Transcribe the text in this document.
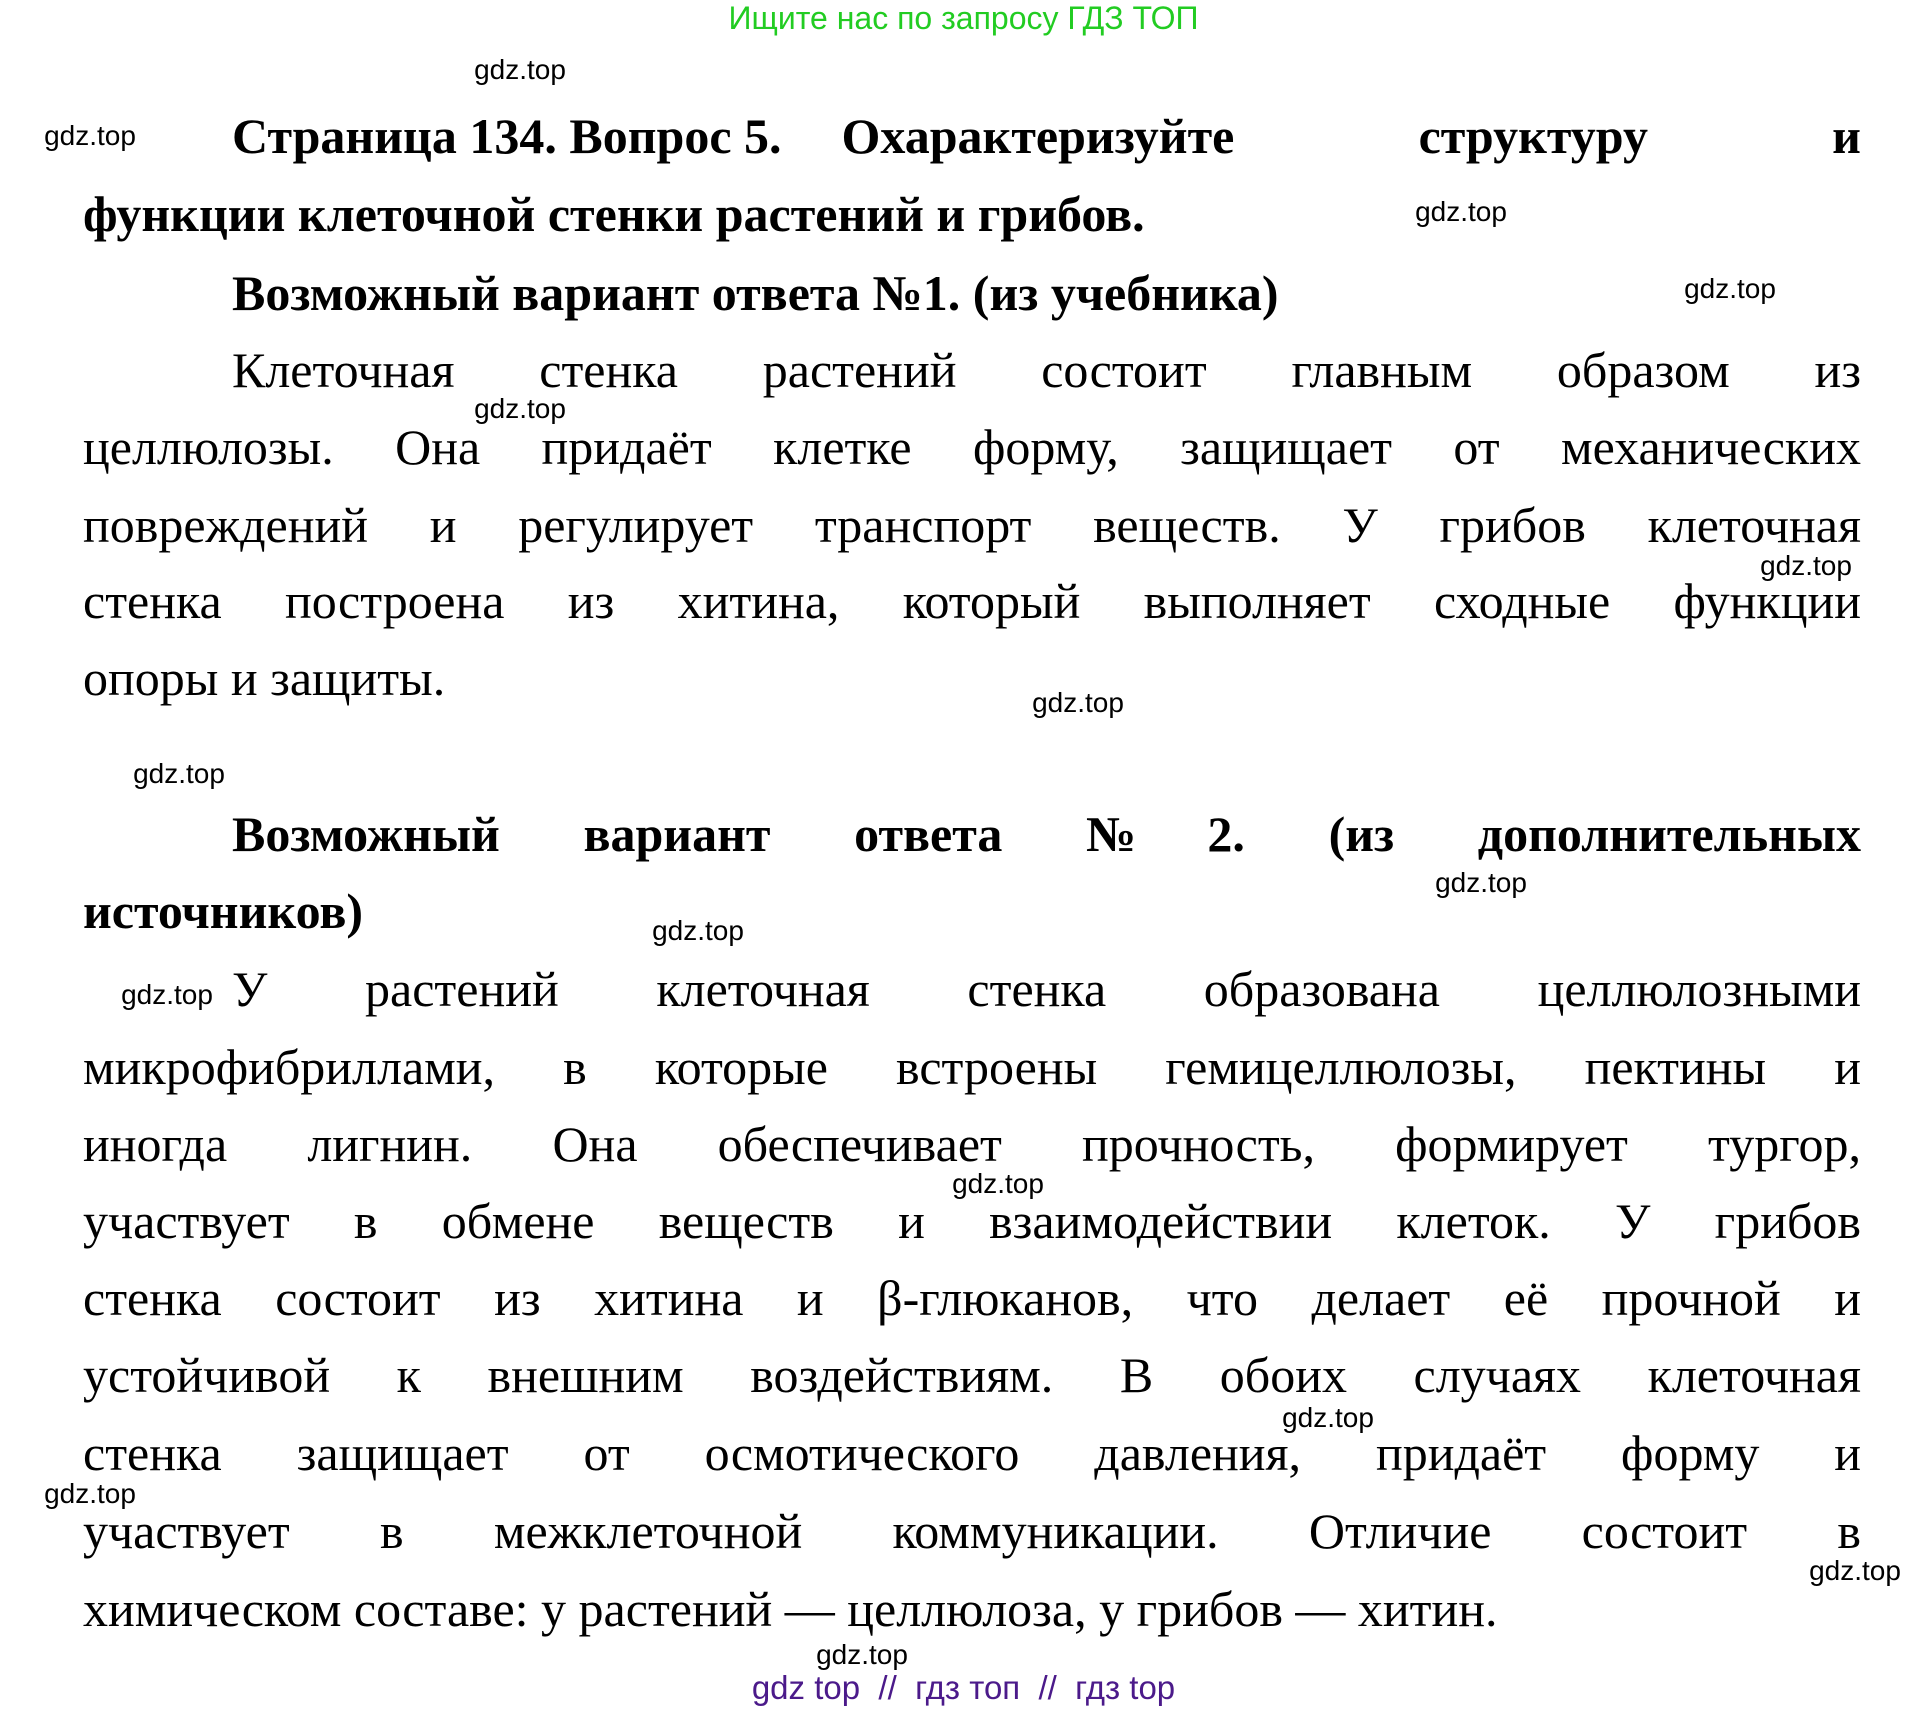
Ищите нас по запросу ГДЗ ТОП
Страница 134. Вопрос 5. Охарактеризуйте структуру и
функции клеточной стенки растений и грибов.
Возможный вариант ответа №1. (из учебника)
Клеточная стенка растений состоит главным образом из
целлюлозы. Она придаёт клетке форму, защищает от механических
повреждений и регулирует транспорт веществ. У грибов клеточная
стенка построена из хитина, который выполняет сходные функции
опоры и защиты.
Возможный вариант ответа №2. (из дополнительных
источников)
У растений клеточная стенка образована целлюлозными
микрофибриллами, в которые встроены гемицеллюлозы, пектины и
иногда лигнин. Она обеспечивает прочность, формирует тургор,
участвует в обмене веществ и взаимодействии клеток. У грибов
стенка состоит из хитина и β-глюканов, что делает её прочной и
устойчивой к внешним воздействиям. В обоих случаях клеточная
стенка защищает от осмотического давления, придаёт форму и
участвует в межклеточной коммуникации. Отличие состоит в
химическом составе: у растений — целлюлоза, у грибов — хитин.
gdz.top
gdz.top
gdz.top
gdz.top
gdz.top
gdz.top
gdz.top
gdz.top
gdz.top
gdz.top
gdz.top
gdz.top
gdz.top
gdz.top
gdz.top
gdz.top
gdz top  //  гдз топ  //  гдз top
